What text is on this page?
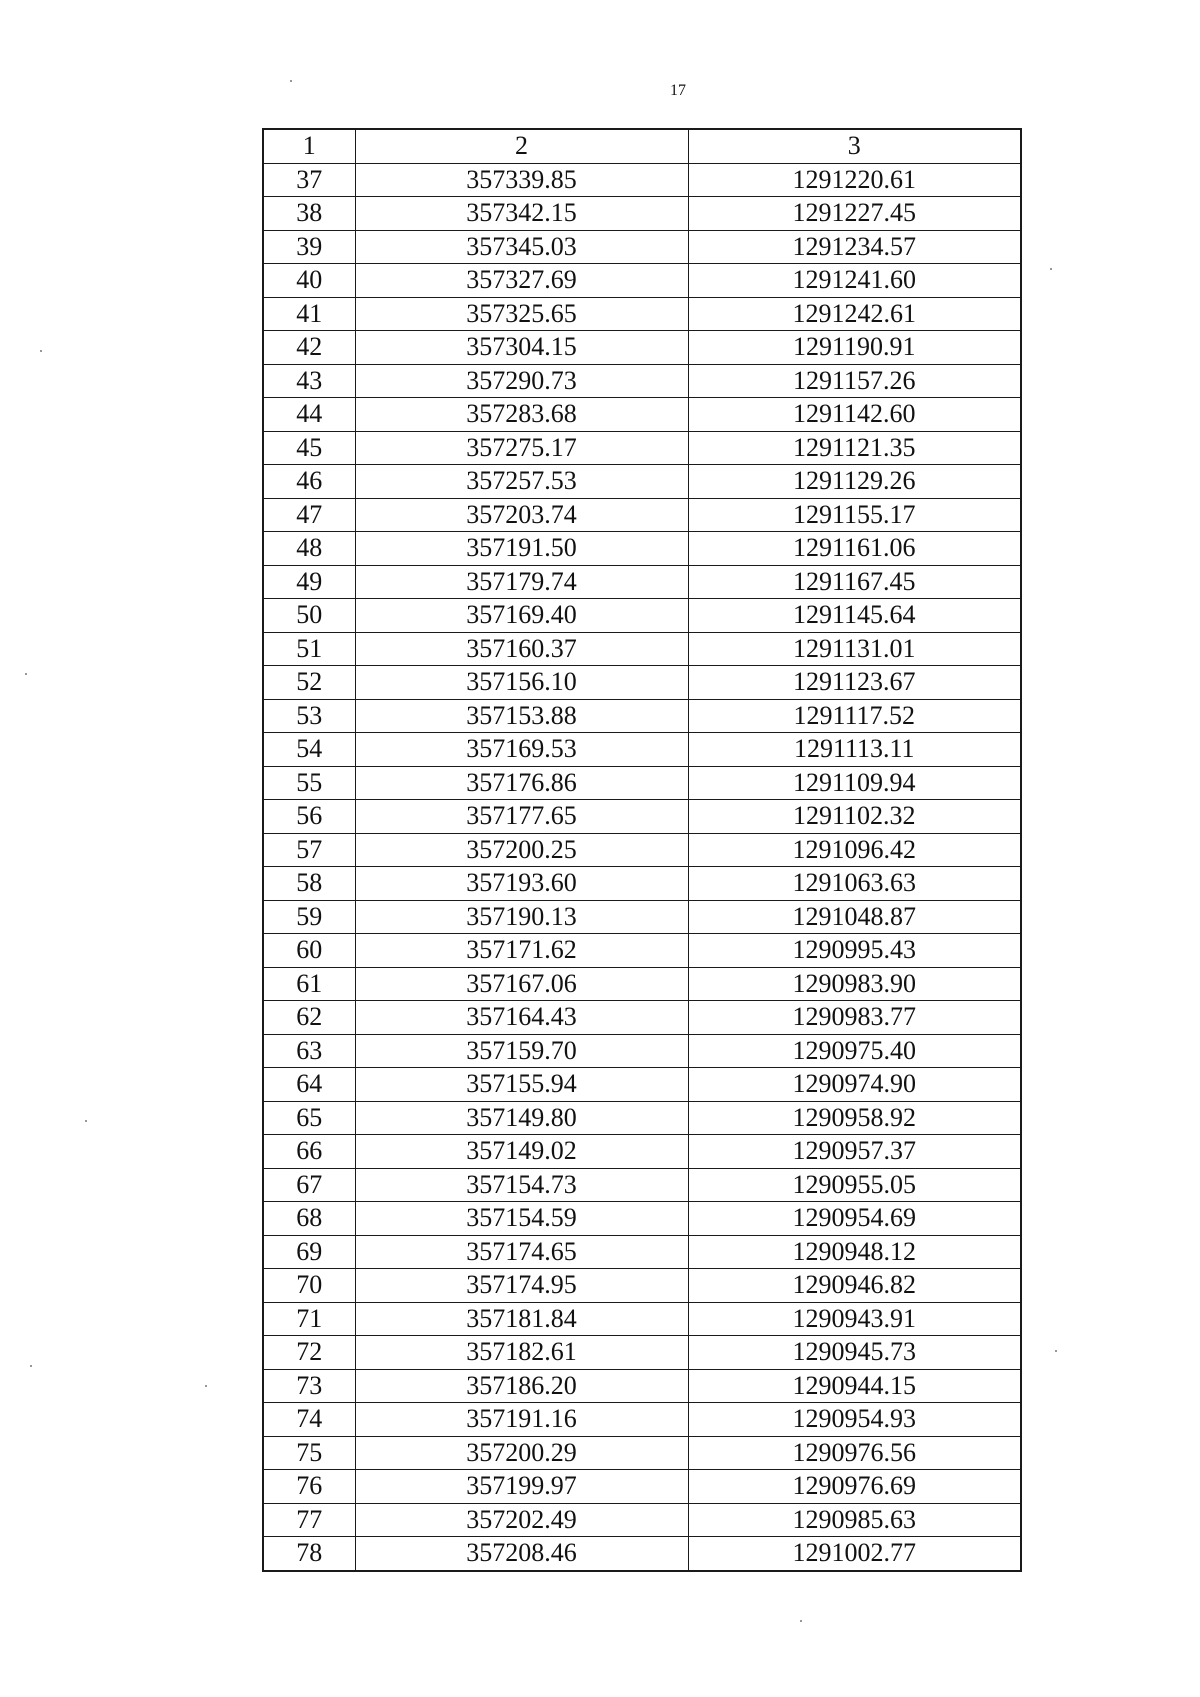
17
1	2	3
37	357339.85	1291220.61
38	357342.15	1291227.45
39	357345.03	1291234.57
40	357327.69	1291241.60
41	357325.65	1291242.61
42	357304.15	1291190.91
43	357290.73	1291157.26
44	357283.68	1291142.60
45	357275.17	1291121.35
46	357257.53	1291129.26
47	357203.74	1291155.17
48	357191.50	1291161.06
49	357179.74	1291167.45
50	357169.40	1291145.64
51	357160.37	1291131.01
52	357156.10	1291123.67
53	357153.88	1291117.52
54	357169.53	1291113.11
55	357176.86	1291109.94
56	357177.65	1291102.32
57	357200.25	1291096.42
58	357193.60	1291063.63
59	357190.13	1291048.87
60	357171.62	1290995.43
61	357167.06	1290983.90
62	357164.43	1290983.77
63	357159.70	1290975.40
64	357155.94	1290974.90
65	357149.80	1290958.92
66	357149.02	1290957.37
67	357154.73	1290955.05
68	357154.59	1290954.69
69	357174.65	1290948.12
70	357174.95	1290946.82
71	357181.84	1290943.91
72	357182.61	1290945.73
73	357186.20	1290944.15
74	357191.16	1290954.93
75	357200.29	1290976.56
76	357199.97	1290976.69
77	357202.49	1290985.63
78	357208.46	1291002.77
